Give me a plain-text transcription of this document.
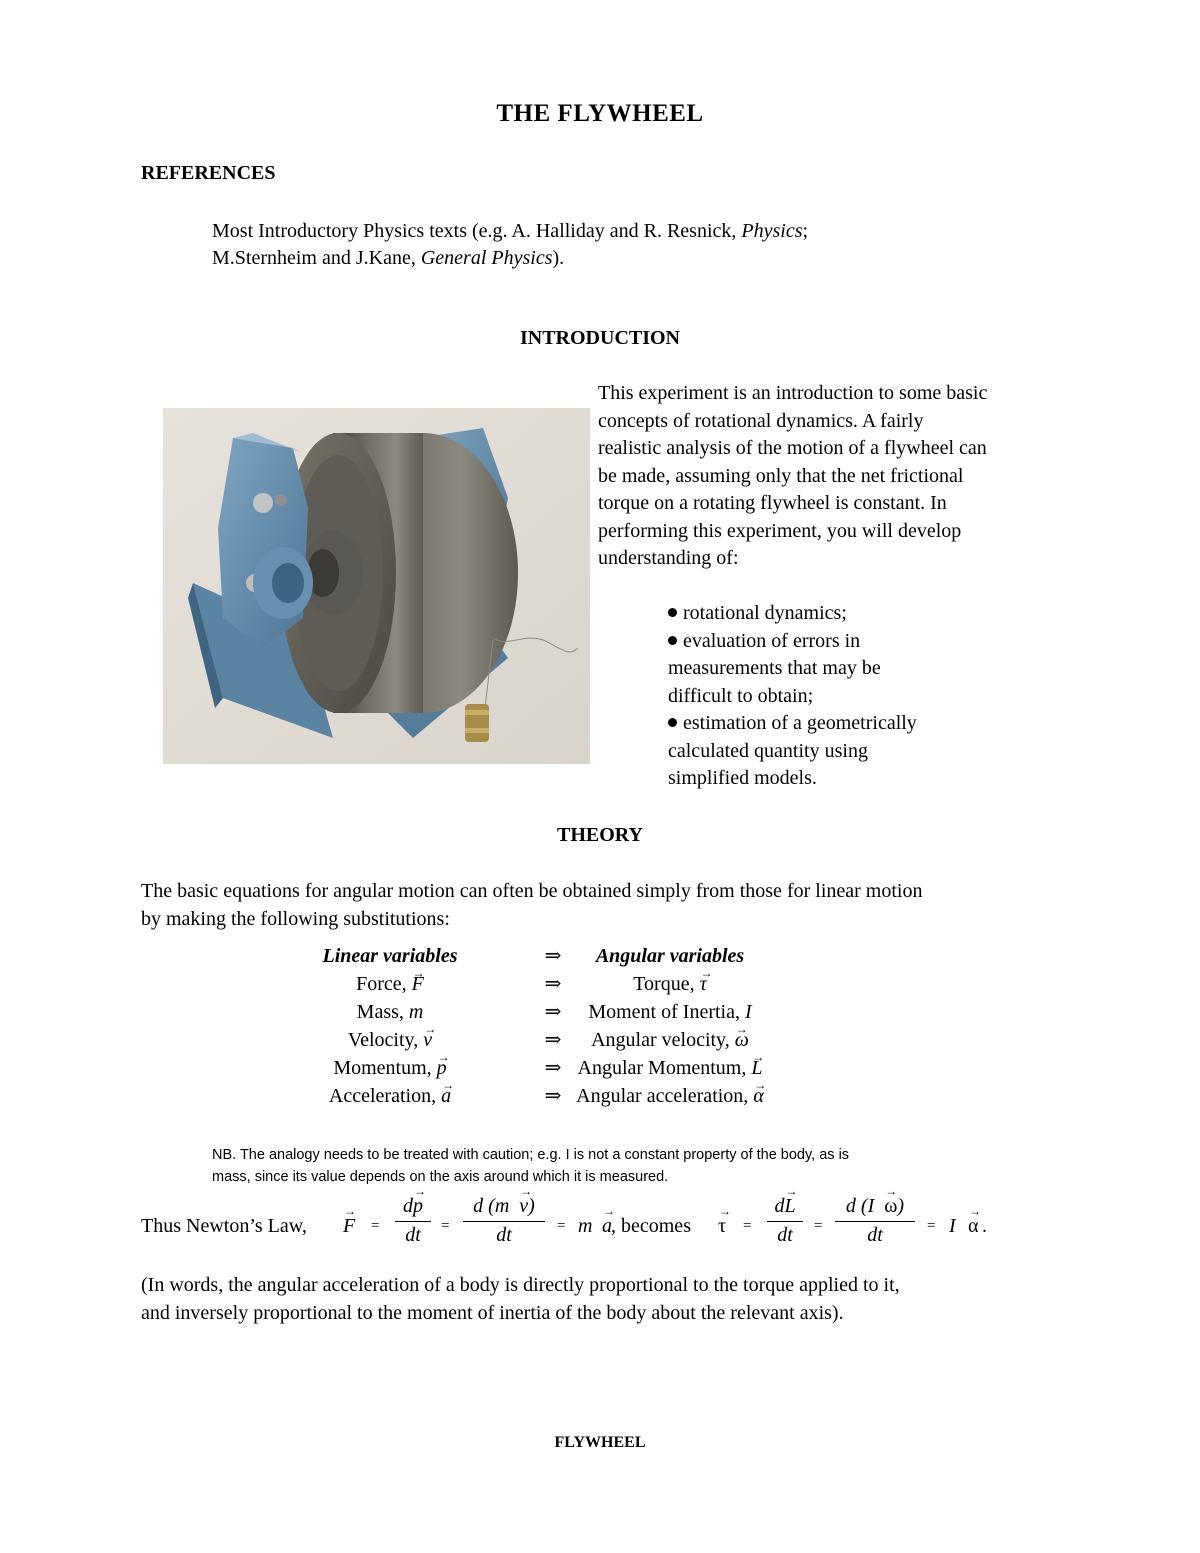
THE FLYWHEEL
REFERENCES
Most Introductory Physics texts (e.g. A. Halliday and R. Resnick, Physics;
M.Sternheim and J.Kane, General Physics).
INTRODUCTION
This experiment is an introduction to some basic
concepts of rotational dynamics. A fairly
realistic analysis of the motion of a flywheel can
be made, assuming only that the net frictional
torque on a rotating flywheel is constant. In
performing this experiment, you will develop
understanding of:
rotational dynamics;
evaluation of errors in
measurements that may be
difficult to obtain;
estimation of a geometrically
calculated quantity using
simplified models.
THEORY
The basic equations for angular motion can often be obtained simply from those for linear motion
by making the following substitutions:
Linear variables	⇒	Angular variables
Force, F →	⇒	Torque, τ →
Mass, m	⇒	Moment of Inertia, I
Velocity, v →	⇒	Angular velocity, ω →
Momentum, p →	⇒ Angular Momentum, L →
Acceleration, a →	⇒ Angular acceleration, α →
NB. The analogy needs to be treated with caution; e.g. I is not a constant property of the body, as is
mass, since its value depends on the axis around which it is measured.
Thus Newton’s Law, F → =
dp →
dt	=
d (m v →)
dt	= m a → , becomes τ → =
dL →
dt	=
d (I ω →)
dt	= I α → .
(In words, the angular acceleration of a body is directly proportional to the torque applied to it,
and inversely proportional to the moment of inertia of the body about the relevant axis).
FLYWHEEL
